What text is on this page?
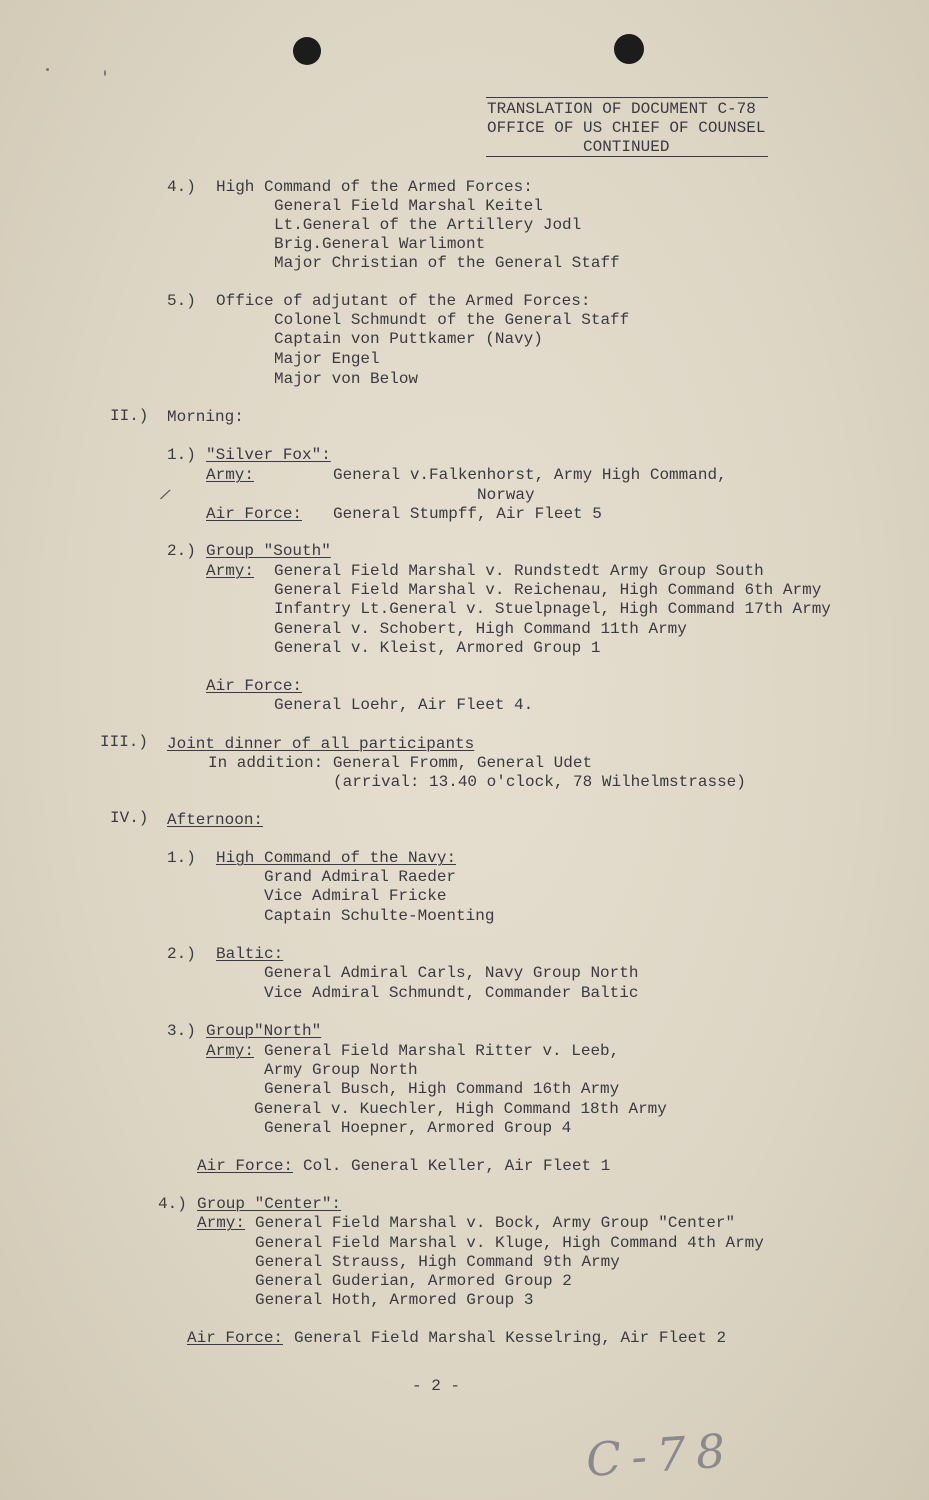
/
TRANSLATION OF DOCUMENT C-78
OFFICE OF US CHIEF OF COUNSEL
CONTINUED
4.) High Command of the Armed Forces:
General Field Marshal Keitel
Lt.General of the Artillery Jodl
Brig.General Warlimont
Major Christian of the General Staff
5.) Office of adjutant of the Armed Forces:
Colonel Schmundt of the General Staff
Captain von Puttkamer (Navy)
Major Engel
Major von Below
II.) Morning:
1.) "Silver Fox":
Army:	General v.Falkenhorst, Army High Command,
Norway
Air Force: General Stumpff, Air Fleet 5
2.) Group "South"
Army: General Field Marshal v. Rundstedt Army Group South
General Field Marshal v. Reichenau, High Command 6th Army
Infantry Lt.General v. Stuelpnagel, High Command 17th Army
General v. Schobert, High Command 11th Army
General v. Kleist, Armored Group 1
Air Force:
General Loehr, Air Fleet 4.
III.) Joint dinner of all participants
In addition: General Fromm, General Udet
(arrival: 13.40 o'clock, 78 Wilhelmstrasse)
IV.) Afternoon:
1.) High Command of the Navy:
Grand Admiral Raeder
Vice Admiral Fricke
Captain Schulte-Moenting
2.) Baltic:
General Admiral Carls, Navy Group North
Vice Admiral Schmundt, Commander Baltic
3.) Group"North"
Army: General Field Marshal Ritter v. Leeb,
Army Group North
General Busch, High Command 16th Army
General v. Kuechler, High Command 18th Army
General Hoepner, Armored Group 4
Air Force: Col. General Keller, Air Fleet 1
4.) Group "Center":
Army: General Field Marshal v. Bock, Army Group "Center"
General Field Marshal v. Kluge, High Command 4th Army
General Strauss, High Command 9th Army
General Guderian, Armored Group 2
General Hoth, Armored Group 3
Air Force: General Field Marshal Kesselring, Air Fleet 2
- 2 -
C-78
